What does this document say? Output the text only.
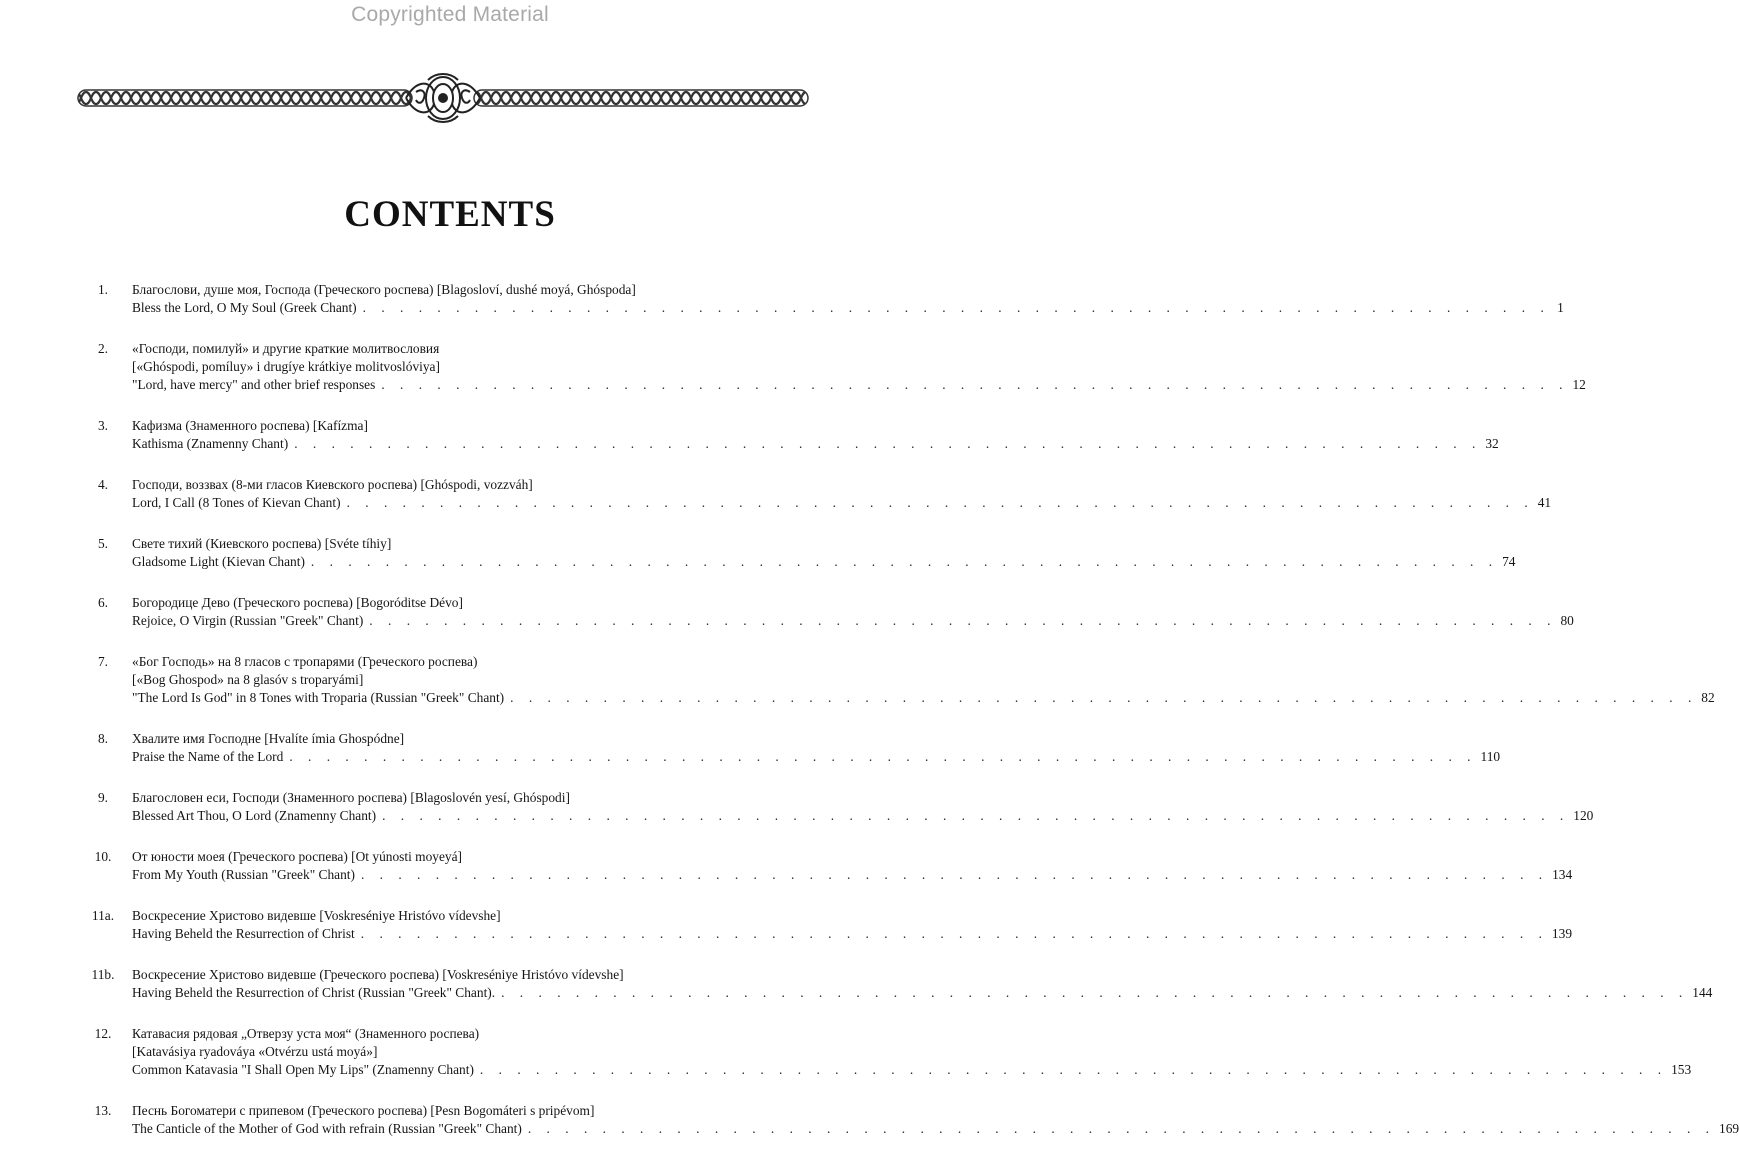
Copyrighted Material
CONTENTS
1.	Благослови, душе моя, Господа (Греческого роспева) [Blagosloví, dushé moyá, Ghóspoda]
Bless the Lord, O My Soul (Greek Chant) . . . . . . . . . . . . . . . . . . . . . . . . . . . . . . . . . . . . . . . . . . . . . . . . . . . . . . . . . . . . . . . . 1
2.	«Господи, помилуй» и другие краткие молитвословия
[«Ghóspodi, pomíluy» i drugíye krátkiye molitvoslóviya]
"Lord, have mercy" and other brief responses . . . . . . . . . . . . . . . . . . . . . . . . . . . . . . . . . . . . . . . . . . . . . . . . . . . . . . . . . . . . . . . . 12
3.	Кафизма (Знаменного роспева) [Kafízma]
Kathisma (Znamenny Chant) . . . . . . . . . . . . . . . . . . . . . . . . . . . . . . . . . . . . . . . . . . . . . . . . . . . . . . . . . . . . . . . . 32
4.	Господи, воззвах (8-ми гласов Киевского роспева) [Ghóspodi, vozzváh]
Lord, I Call (8 Tones of Kievan Chant) . . . . . . . . . . . . . . . . . . . . . . . . . . . . . . . . . . . . . . . . . . . . . . . . . . . . . . . . . . . . . . . . 41
5.	Свете тихий (Киевского роспева) [Svéte tíhiy]
Gladsome Light (Kievan Chant) . . . . . . . . . . . . . . . . . . . . . . . . . . . . . . . . . . . . . . . . . . . . . . . . . . . . . . . . . . . . . . . . 74
6.	Богородице Дево (Греческого роспева) [Bogoróditse Dévo]
Rejoice, O Virgin (Russian "Greek" Chant) . . . . . . . . . . . . . . . . . . . . . . . . . . . . . . . . . . . . . . . . . . . . . . . . . . . . . . . . . . . . . . . . 80
7.	«Бог Господь» на 8 гласов с тропарями (Греческого роспева)
[«Bog Ghospod» na 8 glasóv s troparyámi]
"The Lord Is God" in 8 Tones with Troparia (Russian "Greek" Chant) . . . . . . . . . . . . . . . . . . . . . . . . . . . . . . . . . . . . . . . . . . . . . . . . . . . . . . . . . . . . . . . . 82
8.	Хвалите имя Господне [Hvalíte ímia Ghospódne]
Praise the Name of the Lord . . . . . . . . . . . . . . . . . . . . . . . . . . . . . . . . . . . . . . . . . . . . . . . . . . . . . . . . . . . . . . . . 110
9.	Благословен еси, Господи (Знаменного роспева) [Blagoslovén yesí, Ghóspodi]
Blessed Art Thou, O Lord (Znamenny Chant) . . . . . . . . . . . . . . . . . . . . . . . . . . . . . . . . . . . . . . . . . . . . . . . . . . . . . . . . . . . . . . . . 120
10.	От юности моея (Греческого роспева) [Ot yúnosti moyeyá]
From My Youth (Russian "Greek" Chant) . . . . . . . . . . . . . . . . . . . . . . . . . . . . . . . . . . . . . . . . . . . . . . . . . . . . . . . . . . . . . . . . 134
11a.	Воскресение Христово видевше [Voskreséniye Hristóvo vídevshe]
Having Beheld the Resurrection of Christ . . . . . . . . . . . . . . . . . . . . . . . . . . . . . . . . . . . . . . . . . . . . . . . . . . . . . . . . . . . . . . . . 139
11b.	Воскресение Христово видевше (Греческого роспева) [Voskreséniye Hristóvo vídevshe]
Having Beheld the Resurrection of Christ (Russian "Greek" Chant). . . . . . . . . . . . . . . . . . . . . . . . . . . . . . . . . . . . . . . . . . . . . . . . . . . . . . . . . . . . . . . . . 144
12.	Катавасия рядовая „Отверзу уста моя“ (Знаменного роспева)
[Katavásiya ryadováya «Otvérzu ustá moyá»]
Common Katavasia "I Shall Open My Lips" (Znamenny Chant) . . . . . . . . . . . . . . . . . . . . . . . . . . . . . . . . . . . . . . . . . . . . . . . . . . . . . . . . . . . . . . . . 153
13.	Песнь Богоматери с припевом (Греческого роспева) [Pesn Bogomáteri s pripévom]
The Canticle of the Mother of God with refrain (Russian "Greek" Chant) . . . . . . . . . . . . . . . . . . . . . . . . . . . . . . . . . . . . . . . . . . . . . . . . . . . . . . . . . . . . . . . . 169
